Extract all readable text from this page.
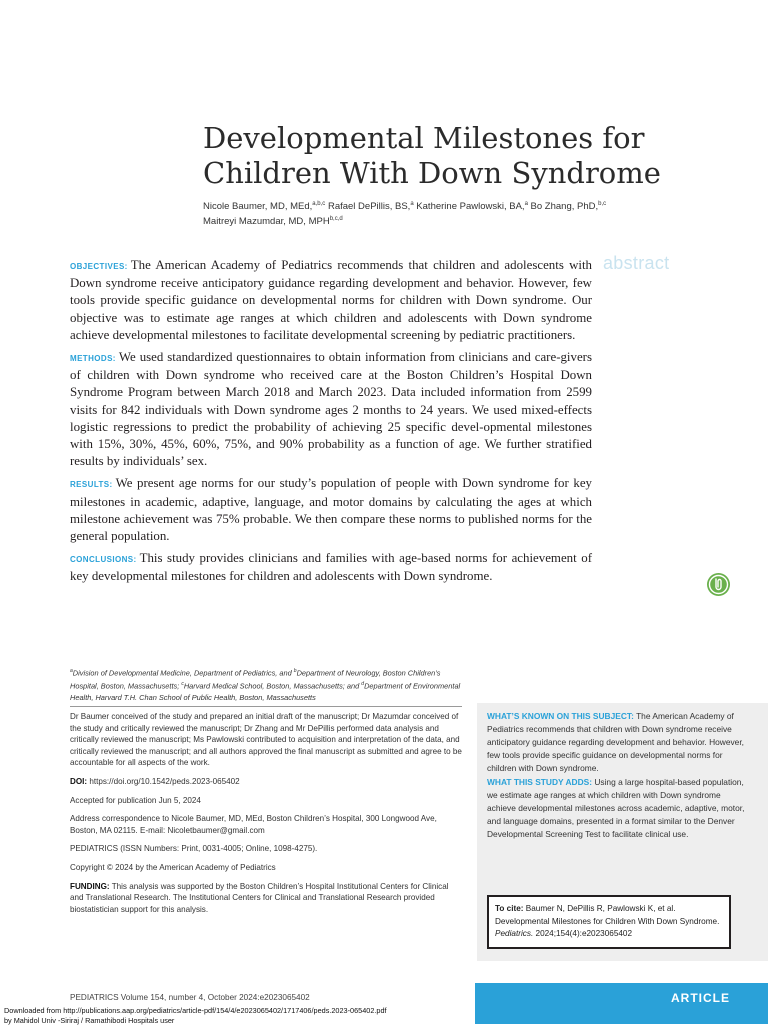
Developmental Milestones for
Children With Down Syndrome
Nicole Baumer, MD, MEd,$^{a,b,c}$ Rafael DePillis, BS,$^a$ Katherine Pawlowski, BA,$^a$ Bo Zhang, PhD,$^{b,c}$
Maitreyi Mazumdar, MD, MPH$^{b,c,d}$
abstract

OBJECTIVES: The American Academy of Pediatrics recommends that children and adolescents with Down syndrome receive anticipatory guidance regarding development and behavior. However, few tools provide specific guidance on developmental norms for children with Down syndrome. Our objective was to estimate age ranges at which children and adolescents with Down syndrome achieve developmental milestones to facilitate developmental screening by pediatric practitioners.

METHODS: We used standardized questionnaires to obtain information from clinicians and care-givers of children with Down syndrome who received care at the Boston Children’s Hospital Down Syndrome Program between March 2018 and March 2023. Data included information from 2599 visits for 842 individuals with Down syndrome ages 2 months to 24 years. We used mixed-effects logistic regressions to predict the probability of achieving 25 specific devel-opmental milestones with 15%, 30%, 45%, 60%, 75%, and 90% probability as a function of age. We further stratified results by individuals’ sex.

RESULTS: We present age norms for our study’s population of people with Down syndrome for key milestones in academic, adaptive, language, and motor domains by calculating the ages at which milestone achievement was 75% probable. We then compare these norms to published norms for the general population.

CONCLUSIONS: This study provides clinicians and families with age-based norms for achievement of key developmental milestones for children and adolescents with Down syndrome.

$^a$Division of Developmental Medicine, Department of Pediatrics, and $^b$Department of Neurology, Boston Children’s Hospital, Boston, Massachusetts; $^c$Harvard Medical School, Boston, Massachusetts; and $^d$Department of Environmental Health, Harvard T.H. Chan School of Public Health, Boston, Massachusetts

Dr Baumer conceived of the study and prepared an initial draft of the manuscript; Dr Mazumdar conceived of the study and critically reviewed the manuscript; Dr Zhang and Mr DePillis performed data analysis and critically reviewed the manuscript; Ms Pawlowski contributed to acquisition and interpretation of the data, and critically reviewed the manuscript; and all authors approved the final manuscript as submitted and agree to be accountable for all aspects of the work.

DOI: https://doi.org/10.1542/peds.2023-065402

Accepted for publication Jun 5, 2024

Address correspondence to Nicole Baumer, MD, MEd, Boston Children’s Hospital, 300 Longwood Ave, Boston, MA 02115. E-mail: Nicoletbaumer@gmail.com

PEDIATRICS (ISSN Numbers: Print, 0031-4005; Online, 1098-4275).

Copyright © 2024 by the American Academy of Pediatrics

FUNDING: This analysis was supported by the Boston Children’s Hospital Institutional Centers for Clinical and Translational Research. The Institutional Centers for Clinical and Translational Research provided biostatistician support for this analysis.

WHAT’S KNOWN ON THIS SUBJECT: The American Academy of Pediatrics recommends that children with Down syndrome receive anticipatory guidance regarding development and behavior. However, few tools provide specific guidance on developmental norms for children with Down syndrome.

WHAT THIS STUDY ADDS: Using a large hospital-based population, we estimate age ranges at which children with Down syndrome achieve developmental milestones across academic, adaptive, motor, and language domains, presented in a format similar to the Denver Developmental Screening Test to facilitate clinical use.

To cite: Baumer N, DePillis R, Pawlowski K, et al. Developmental Milestones for Children With Down Syndrome. Pediatrics. 2024;154(4):e2023065402
PEDIATRICS Volume 154, number 4, October 2024:e2023065402	ARTICLE
Downloaded from http://publications.aap.org/pediatrics/article-pdf/154/4/e2023065402/1717406/peds.2023-065402.pdf
by Mahidol Univ -Siriraj / Ramathibodi Hospitals user
